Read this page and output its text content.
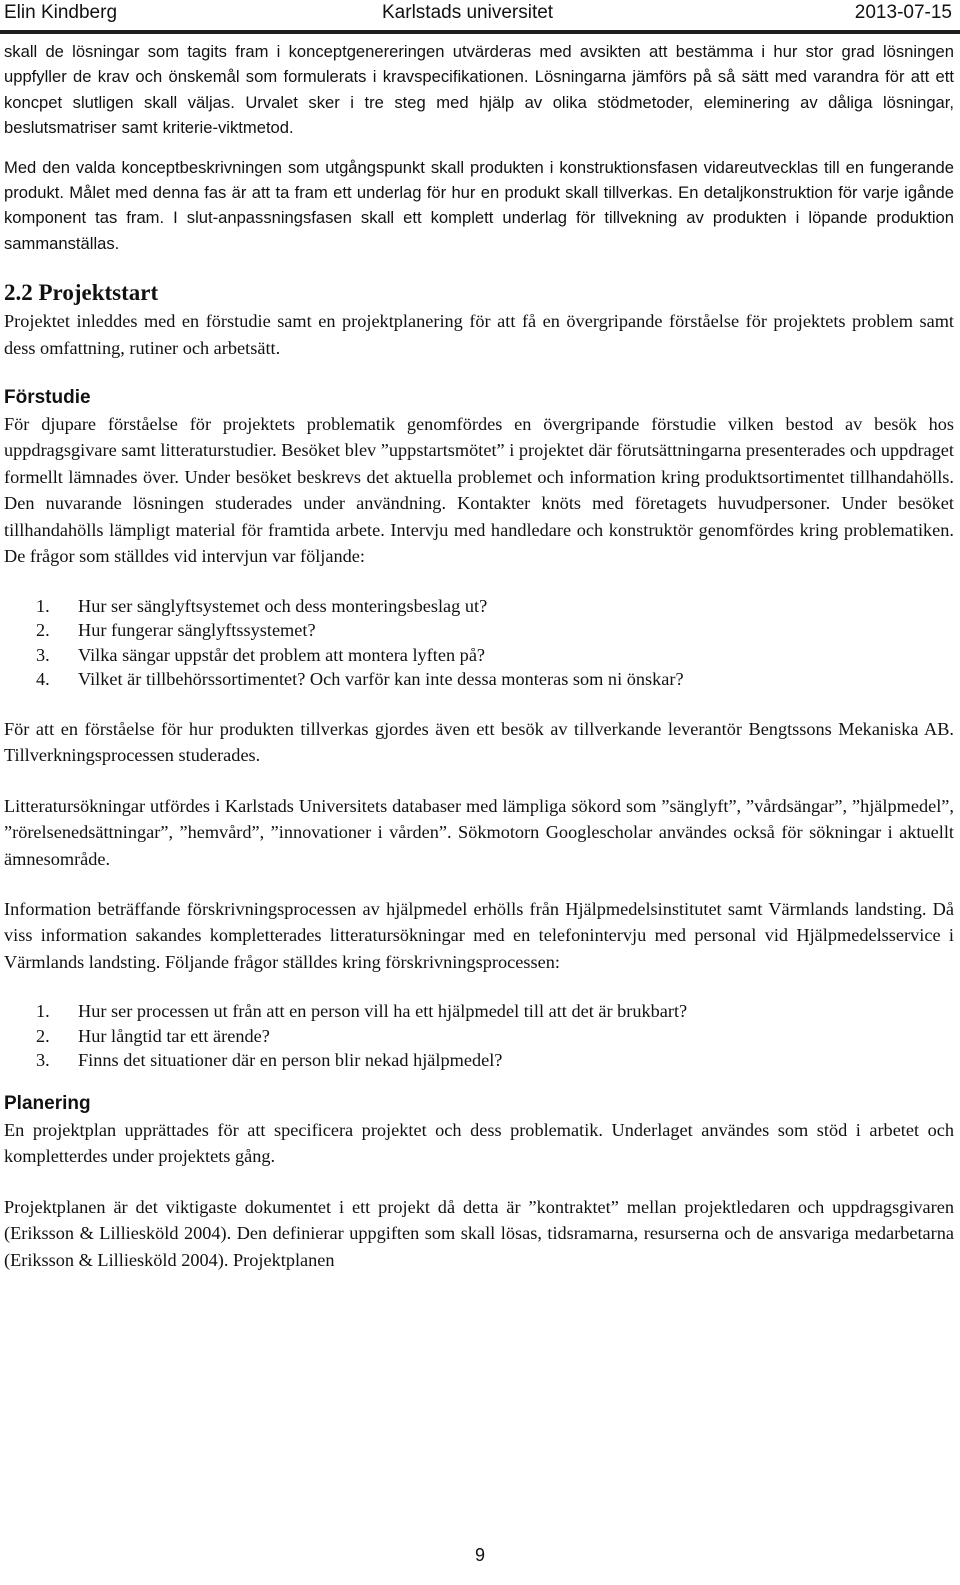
Elin Kindberg	Karlstads universitet	2013-07-15

skall de lösningar som tagits fram i konceptgenereringen utvärderas med avsikten att bestämma i hur stor grad lösningen uppfyller de krav och önskemål som formulerats i kravspecifikationen. Lösningarna jämförs på så sätt med varandra för att ett koncpet slutligen skall väljas. Urvalet sker i tre steg med hjälp av olika stödmetoder, eleminering av dåliga lösningar, beslutsmatriser samt kriterie-viktmetod.

Med den valda konceptbeskrivningen som utgångspunkt skall produkten i konstruktionsfasen vidareutvecklas till en fungerande produkt. Målet med denna fas är att ta fram ett underlag för hur en produkt skall tillverkas. En detaljkonstruktion för varje igånde komponent tas fram. I slut-anpassningsfasen skall ett komplett underlag för tillvekning av produkten i löpande produktion sammanställas.

2.2 Projektstart

Projektet inleddes med en förstudie samt en projektplanering för att få en övergripande förståelse för projektets problem samt dess omfattning, rutiner och arbetsätt.

Förstudie

För djupare förståelse för projektets problematik genomfördes en övergripande förstudie vilken bestod av besök hos uppdragsgivare samt litteraturstudier. Besöket blev ”uppstartsmötet” i projektet där förutsättningarna presenterades och uppdraget formellt lämnades över. Under besöket beskrevs det aktuella problemet och information kring produktsortimentet tillhandahölls. Den nuvarande lösningen studerades under användning. Kontakter knöts med företagets huvudpersoner. Under besöket tillhandahölls lämpligt material för framtida arbete. Intervju med handledare och konstruktör genomfördes kring problematiken. De frågor som ställdes vid intervjun var följande:

1. Hur ser sänglyftsystemet och dess monteringsbeslag ut?
2. Hur fungerar sänglyftssystemet?
3. Vilka sängar uppstår det problem att montera lyften på?
4. Vilket är tillbehörssortimentet? Och varför kan inte dessa monteras som ni önskar?

För att en förståelse för hur produkten tillverkas gjordes även ett besök av tillverkande leverantör Bengtssons Mekaniska AB. Tillverkningsprocessen studerades.

Litteratursökningar utfördes i Karlstads Universitets databaser med lämpliga sökord som ”sänglyft”, ”vårdsängar”, ”hjälpmedel”, ”rörelsenedsättningar”, ”hemvård”, ”innovationer i vården”. Sökmotorn Googlescholar användes också för sökningar i aktuellt ämnesområde.

Information beträffande förskrivningsprocessen av hjälpmedel erhölls från Hjälpmedelsinstitutet samt Värmlands landsting. Då viss information sakandes kompletterades litteratursökningar med en telefonintervju med personal vid Hjälpmedelsservice i Värmlands landsting. Följande frågor ställdes kring förskrivningsprocessen:

1. Hur ser processen ut från att en person vill ha ett hjälpmedel till att det är brukbart?
2. Hur långtid tar ett ärende?
3. Finns det situationer där en person blir nekad hjälpmedel?
Planering

En projektplan upprättades för att specificera projektet och dess problematik. Underlaget användes som stöd i arbetet och kompletterdes under projektets gång.

Projektplanen är det viktigaste dokumentet i ett projekt då detta är ”kontraktet” mellan projektledaren och uppdragsgivaren (Eriksson & Lilliesköld 2004). Den definierar uppgiften som skall lösas, tidsramarna, resurserna och de ansvariga medarbetarna (Eriksson & Lilliesköld 2004). Projektplanen

9
